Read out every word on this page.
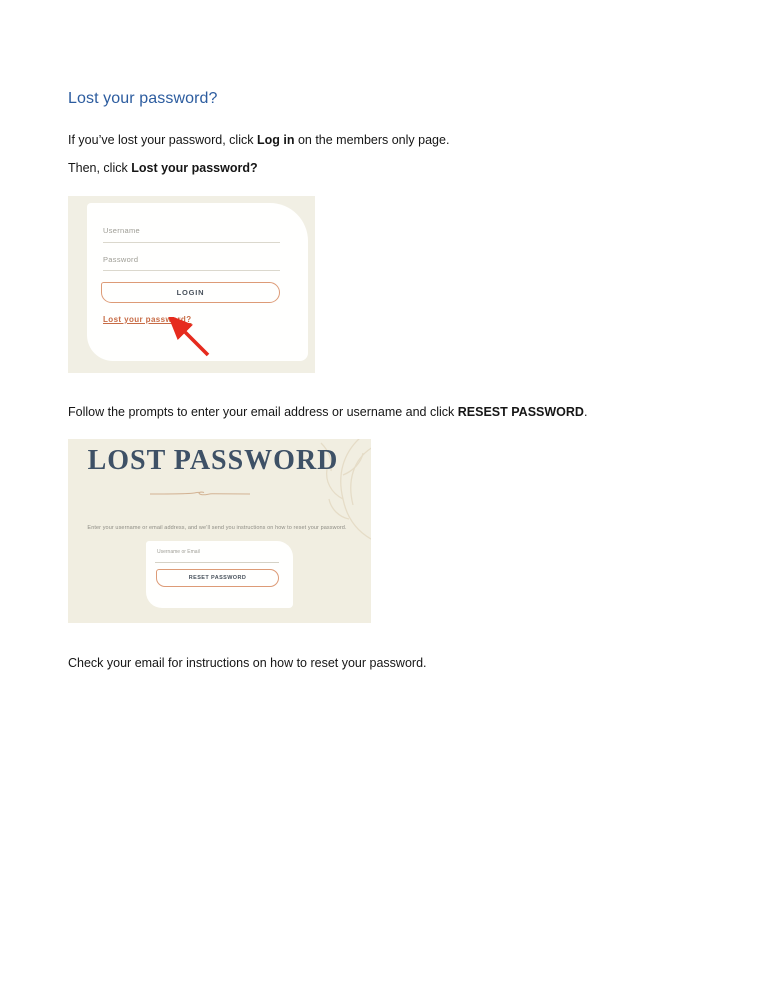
Lost your password?

If you’ve lost your password, click Log in on the members only page.

Then, click Lost your password?

Username
Password
LOGIN
Lost your password?

Follow the prompts to enter your email address or username and click RESEST PASSWORD.

LOST PASSWORD

Enter your username or email address, and we’ll send you instructions on how to reset your password.

Username or Email
RESET PASSWORD

Check your email for instructions on how to reset your password.
